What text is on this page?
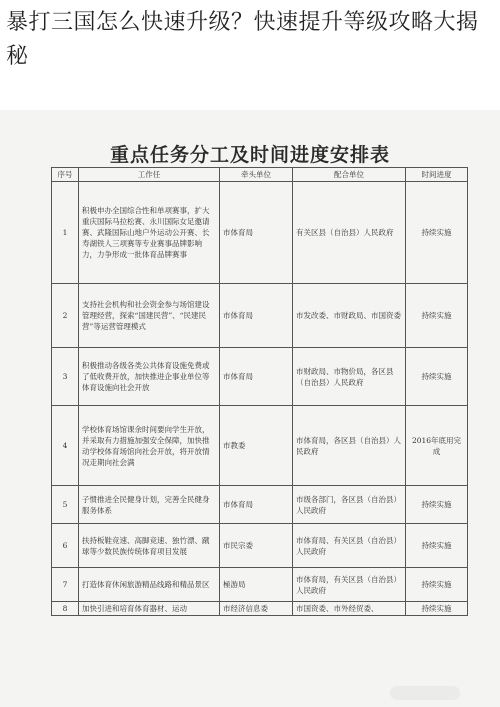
暴打三国怎么快速升级？快速提升等级攻略大揭秘
重点任务分工及时间进度安排表
序号	工作任	牵头单位	配合单位	时间进度
1	积极申办全国综合性和单项赛事，扩大重庆国际马拉松赛、永川国际女足邀请赛、武隆国际山地户外运动公开赛、长寿湖铁人三项赛等专业赛事品牌影响力，力争形成一批体育品牌赛事	市体育局	有关区县（自治县）人民政府	持续实施
2	支持社会机构和社会资金参与场馆建设管理经营，探索“国建民营”、“民建民营”等运营管理模式	市体育局	市发改委、市财政局、市国资委	持续实施
3	积极推动各级各类公共体育设施免费或了低收费开放，加快推进企事业单位等体育设施向社会开放	市体育局	市财政局、市物价局，各区县（自治县）人民政府	持续实施
4	学校体育场馆课余时间要向学生开放，并采取有力措施加强安全保障，加快推动学校体育场馆向社会开放，将开放情况走期向社会满	市教委	市体育局，各区县（自治县）人民政府	2016年底用完成
5	子惯推进全民健身计划，完善全民健身服务体系	市体育局	市级各部门，各区县（自治县）人民政府	持续实施
6	扶持板鞋竞速、高脚竞速、独竹漂、蹴球等少数民族传统体育项目发展	市民宗委	市体育局、有关区县（自治县）人民政府	持续实施
7	打造体育休闲旅游精品线路和精品景区	極游局	市体育局，有关区县（自治县）人民政府	持续实施
8	加快引进和培育体育器材、运动	市经济信息委	市国资委、市外经贸委、	持续实施
